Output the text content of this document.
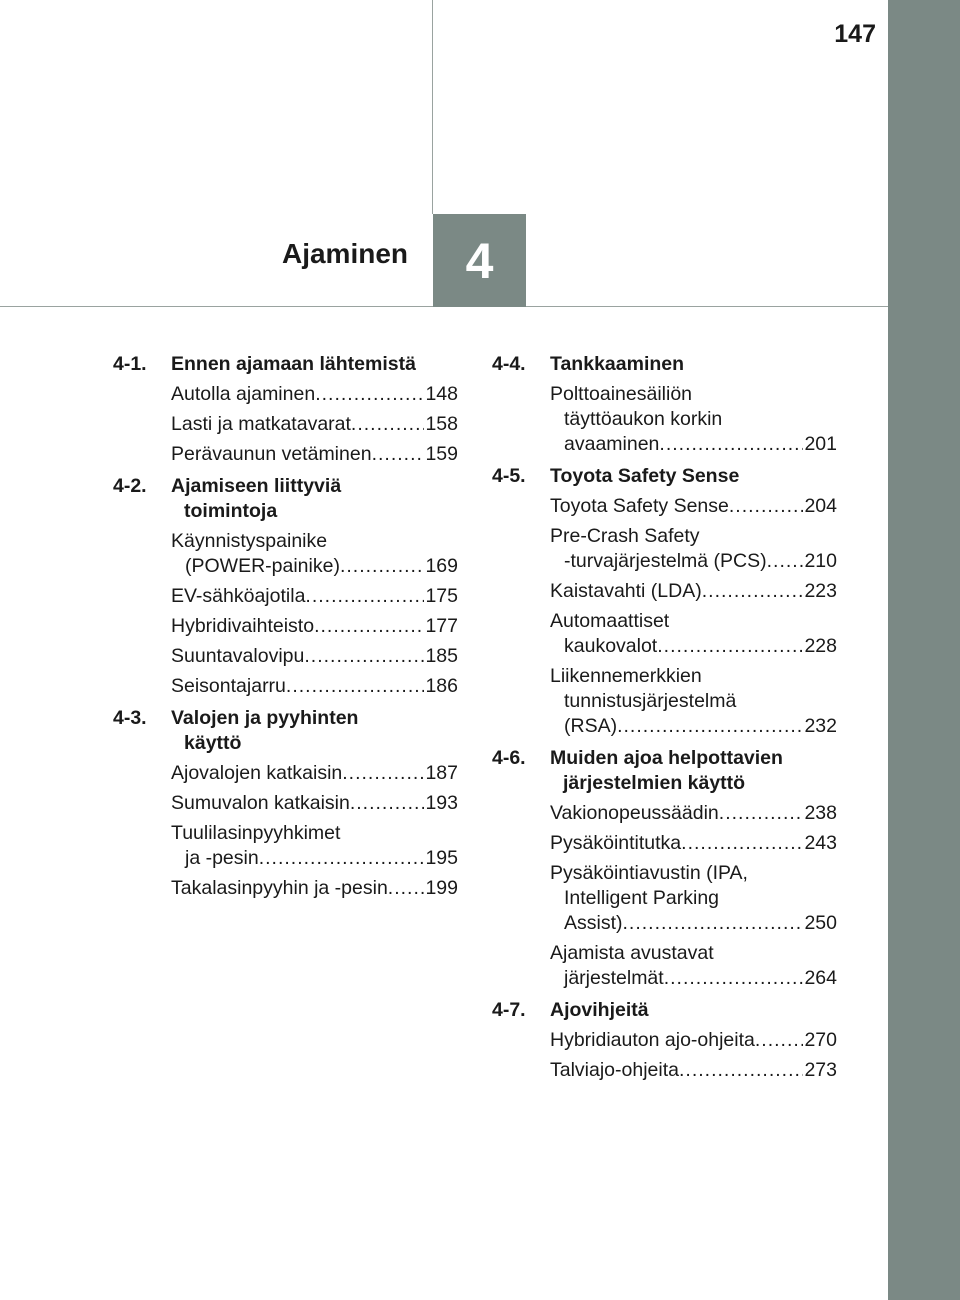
147
Ajaminen 4
4-1.	Ennen ajamaan lähtemistä
Autolla ajaminen .....	148
Lasti ja matkatavarat .....	158
Perävaunun vetäminen .....	159
4-2.	Ajamiseen liittyviä
toimintoja
Käynnistyspainike
(POWER-painike) .....	169
EV-sähköajotila .....	175
Hybridivaihteisto .....	177
Suuntavalovipu .....	185
Seisontajarru .....	186
4-3.	Valojen ja pyyhinten
käyttö
Ajovalojen katkaisin .....	187
Sumuvalon katkaisin .....	193
Tuulilasinpyyhkimet
ja -pesin .....	195
Takalasinpyyhin ja -pesin ..... 199
4-4.	Tankkaaminen
Polttoainesäiliön
täyttöaukon korkin
avaaminen .....	201
4-5.	Toyota Safety Sense
Toyota Safety Sense .....	204
Pre-Crash Safety
-turvajärjestelmä (PCS) ..... 210
Kaistavahti (LDA) .....	223
Automaattiset
kaukovalot .....	228
Liikennemerkkien
tunnistusjärjestelmä
(RSA) .....	232
4-6.	Muiden ajoa helpottavien
järjestelmien käyttö
Vakionopeussäädin .....	238
Pysäköintitutka .....	243
Pysäköintiavustin (IPA,
Intelligent Parking
Assist) .....	250
Ajamista avustavat
järjestelmät .....	264
4-7.	Ajovihjeitä
Hybridiauton ajo-ohjeita .....	270
Talviajo-ohjeita .....	273
